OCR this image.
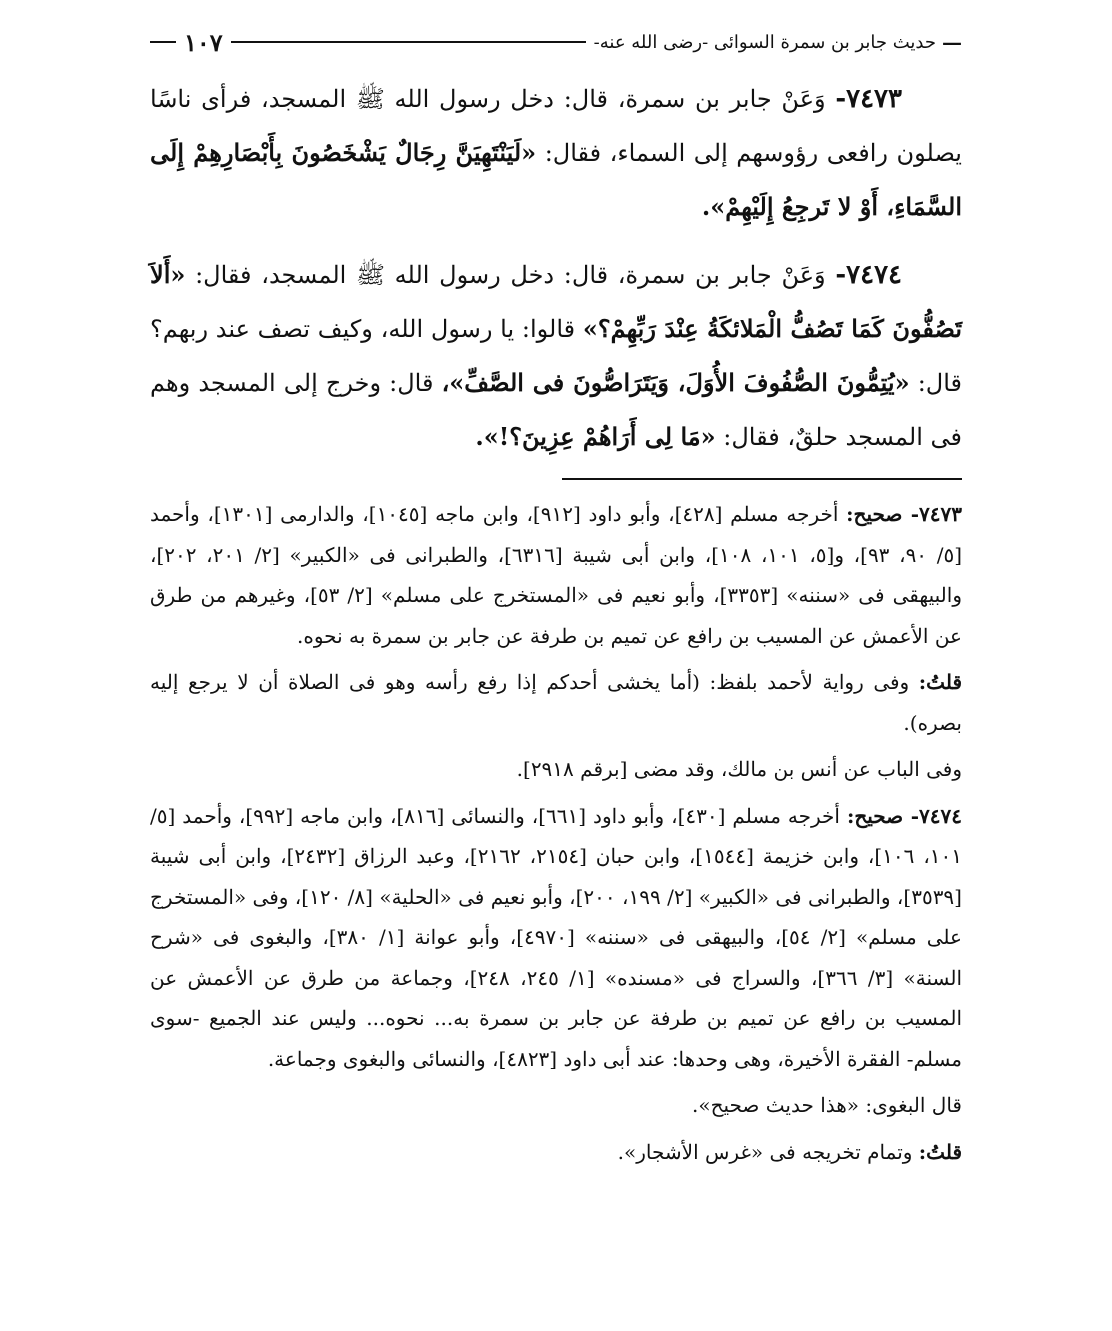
—
حديث جابر بن سمرة السوائى -رضى الله عنه-
١٠٧

٧٤٧٣- وَعَنْ جابر بن سمرة، قال: دخل رسول الله ﷺ المسجد، فرأى ناسًا يصلون رافعى رؤوسهم إلى السماء، فقال: «لَيَنْتَهِيَنَّ رِجَالٌ يَشْخَصُونَ بِأَبْصَارِهِمْ إِلَى السَّمَاءِ، أَوْ لا تَرجِعُ إِلَيْهِمْ».

٧٤٧٤- وَعَنْ جابر بن سمرة، قال: دخل رسول الله ﷺ المسجد، فقال: «أَلاَ تَصُفُّونَ كَمَا تَصُفُّ الْمَلائكَةُ عِنْدَ رَبِّهِمْ؟» قالوا: يا رسول الله، وكيف تصف عند ربهم؟ قال: «يُتِمُّونَ الصُّفُوفَ الأُوَلَ، وَيَتَرَاصُّونَ فى الصَّفِّ»، قال: وخرج إلى المسجد وهم فى المسجد حلقٌ، فقال: «مَا لِى أَرَاهُمْ عِزِينَ؟!».

٧٤٧٣- صحيح: أخرجه مسلم [٤٢٨]، وأبو داود [٩١٢]، وابن ماجه [١٠٤٥]، والدارمى [١٣٠١]، وأحمد [٥/ ٩٠، ٩٣]، و[٥، ١٠١، ١٠٨]، وابن أبى شيبة [٦٣١٦]، والطبرانى فى «الكبير» [٢/ ٢٠١، ٢٠٢]، والبيهقى فى «سننه» [٣٣٥٣]، وأبو نعيم فى «المستخرج على مسلم» [٢/ ٥٣]، وغيرهم من طرق عن الأعمش عن المسيب بن رافع عن تميم بن طرفة عن جابر بن سمرة به نحوه.

قلتُ: وفى رواية لأحمد بلفظ: (أما يخشى أحدكم إذا رفع رأسه وهو فى الصلاة أن لا يرجع إليه بصره).

وفى الباب عن أنس بن مالك، وقد مضى [برقم ٢٩١٨].

٧٤٧٤- صحيح: أخرجه مسلم [٤٣٠]، وأبو داود [٦٦١]، والنسائى [٨١٦]، وابن ماجه [٩٩٢]، وأحمد [٥/ ١٠١، ١٠٦]، وابن خزيمة [١٥٤٤]، وابن حبان [٢١٥٤، ٢١٦٢]، وعبد الرزاق [٢٤٣٢]، وابن أبى شيبة [٣٥٣٩]، والطبرانى فى «الكبير» [٢/ ١٩٩، ٢٠٠]، وأبو نعيم فى «الحلية» [٨/ ١٢٠]، وفى «المستخرج على مسلم» [٢/ ٥٤]، والبيهقى فى «سننه» [٤٩٧٠]، وأبو عوانة [١/ ٣٨٠]، والبغوى فى «شرح السنة» [٣/ ٣٦٦]، والسراج فى «مسنده» [١/ ٢٤٥، ٢٤٨]، وجماعة من طرق عن الأعمش عن المسيب بن رافع عن تميم بن طرفة عن جابر بن سمرة به... نحوه... وليس عند الجميع -سوى مسلم- الفقرة الأخيرة، وهى وحدها: عند أبى داود [٤٨٢٣]، والنسائى والبغوى وجماعة.

قال البغوى: «هذا حديث صحيح».

قلتُ: وتمام تخريجه فى «غرس الأشجار».
